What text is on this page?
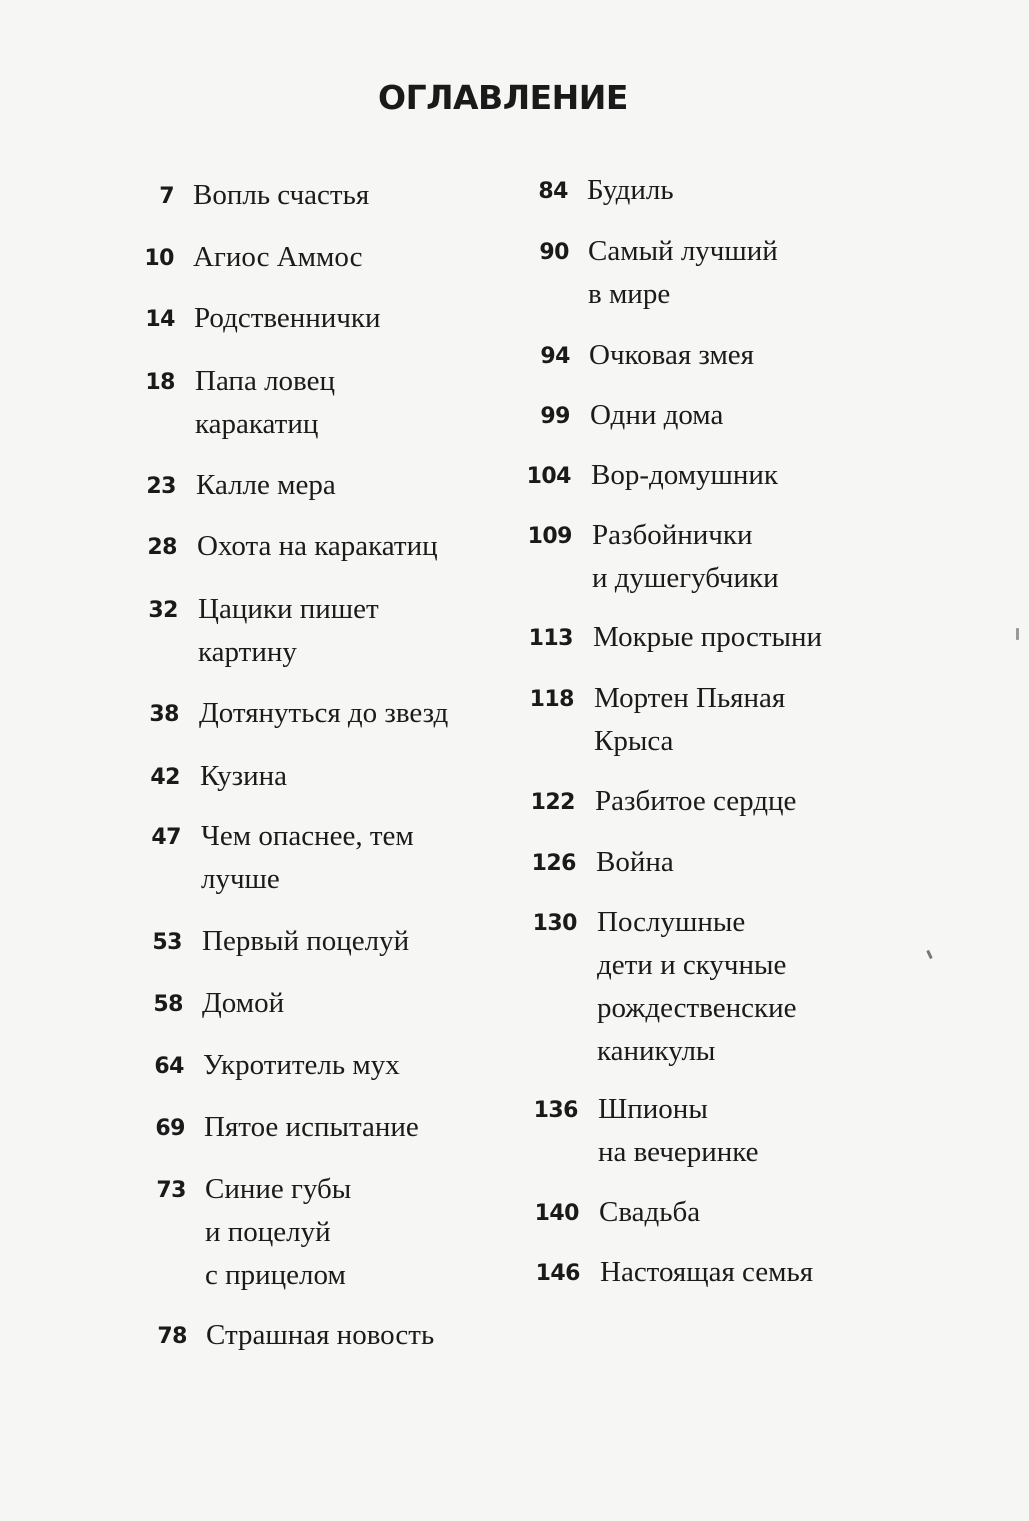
ОГЛАВЛЕНИЕ
7 Вопль счастья
10 Агиос Аммос
14 Родственнички
18 Папа ловец
каракатиц
23 Калле мера
28 Охота на каракатиц
32 Цацики пишет
картину
38 Дотянуться до звезд
42 Кузина
47 Чем опаснее, тем
лучше
53 Первый поцелуй
58 Домой
64 Укротитель мух
69 Пятое испытание
73 Синие губы
и поцелуй
с прицелом
78 Страшная новость
84 Будиль
90 Самый лучший
в мире
94 Очковая змея
99 Одни дома
104 Вор-домушник
109 Разбойнички
и душегубчики
113 Мокрые простыни
118 Мортен Пьяная
Крыса
122 Разбитое сердце
126 Война
130 Послушные
дети и скучные
рождественские
каникулы
136 Шпионы
на вечеринке
140 Свадьба
146 Настоящая семья
